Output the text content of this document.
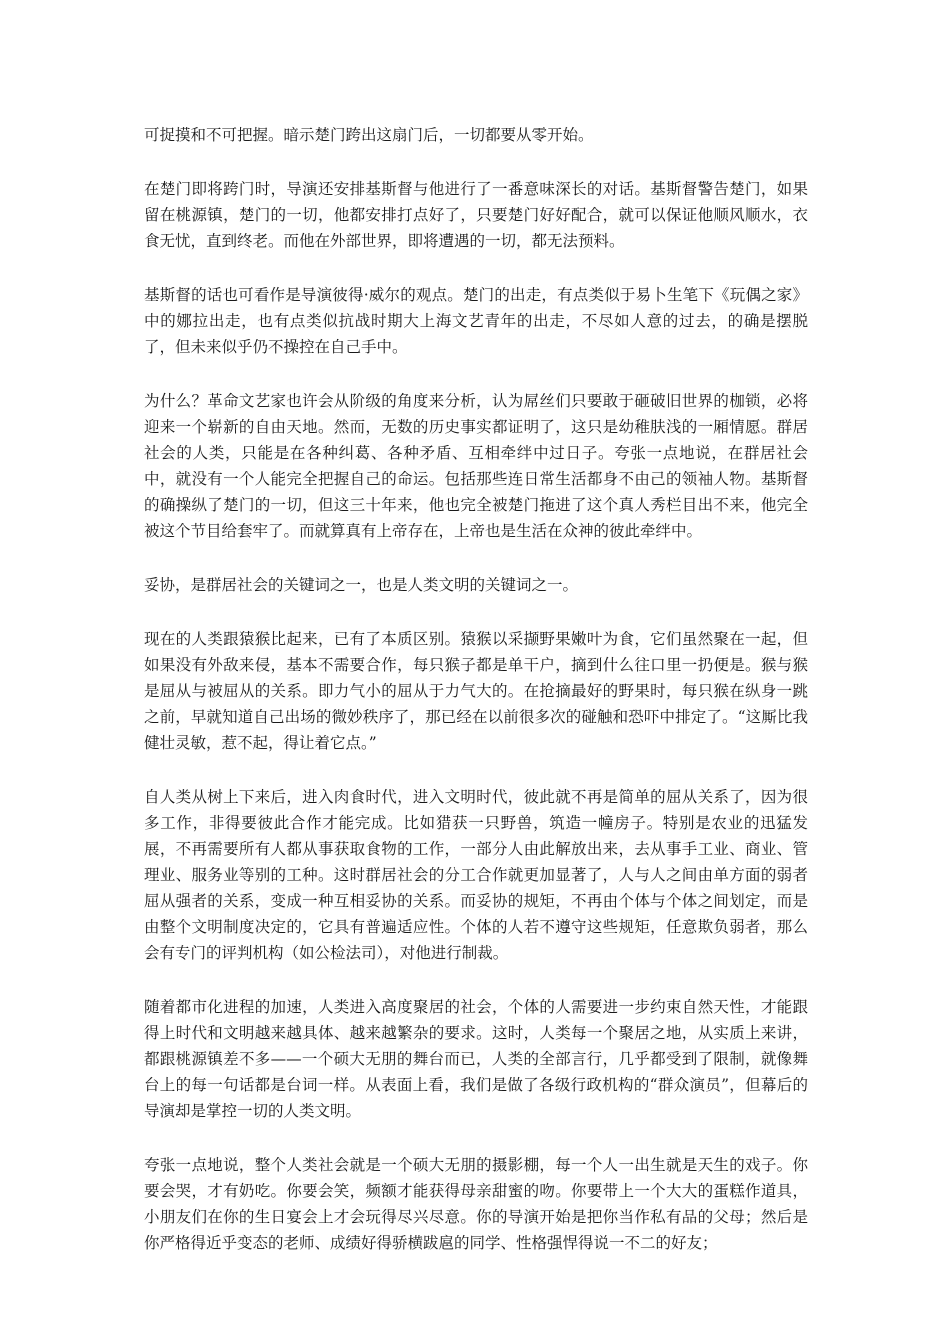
可捉摸和不可把握。暗示楚门跨出这扇门后，一切都要从零开始。

在楚门即将跨门时，导演还安排基斯督与他进行了一番意味深长的对话。基斯督警告楚门，如果留在桃源镇，楚门的一切，他都安排打点好了，只要楚门好好配合，就可以保证他顺风顺水，衣食无忧，直到终老。而他在外部世界，即将遭遇的一切，都无法预料。

基斯督的话也可看作是导演彼得·威尔的观点。楚门的出走，有点类似于易卜生笔下《玩偶之家》中的娜拉出走，也有点类似抗战时期大上海文艺青年的出走，不尽如人意的过去，的确是摆脱了，但未来似乎仍不操控在自己手中。

为什么？革命文艺家也许会从阶级的角度来分析，认为屌丝们只要敢于砸破旧世界的枷锁，必将迎来一个崭新的自由天地。然而，无数的历史事实都证明了，这只是幼稚肤浅的一厢情愿。群居社会的人类，只能是在各种纠葛、各种矛盾、互相牵绊中过日子。夸张一点地说，在群居社会中，就没有一个人能完全把握自己的命运。包括那些连日常生活都身不由己的领袖人物。基斯督的确操纵了楚门的一切，但这三十年来，他也完全被楚门拖进了这个真人秀栏目出不来，他完全被这个节目给套牢了。而就算真有上帝存在，上帝也是生活在众神的彼此牵绊中。

妥协，是群居社会的关键词之一，也是人类文明的关键词之一。

现在的人类跟猿猴比起来，已有了本质区别。猿猴以采撷野果嫩叶为食，它们虽然聚在一起，但如果没有外敌来侵，基本不需要合作，每只猴子都是单干户，摘到什么往口里一扔便是。猴与猴是屈从与被屈从的关系。即力气小的屈从于力气大的。在抢摘最好的野果时，每只猴在纵身一跳之前，早就知道自己出场的微妙秩序了，那已经在以前很多次的碰触和恐吓中排定了。“这厮比我健壮灵敏，惹不起，得让着它点。”

自人类从树上下来后，进入肉食时代，进入文明时代，彼此就不再是简单的屈从关系了，因为很多工作，非得要彼此合作才能完成。比如猎获一只野兽，筑造一幢房子。特别是农业的迅猛发展，不再需要所有人都从事获取食物的工作，一部分人由此解放出来，去从事手工业、商业、管理业、服务业等别的工种。这时群居社会的分工合作就更加显著了，人与人之间由单方面的弱者屈从强者的关系，变成一种互相妥协的关系。而妥协的规矩，不再由个体与个体之间划定，而是由整个文明制度决定的，它具有普遍适应性。个体的人若不遵守这些规矩，任意欺负弱者，那么会有专门的评判机构（如公检法司），对他进行制裁。

随着都市化进程的加速，人类进入高度聚居的社会，个体的人需要进一步约束自然天性，才能跟得上时代和文明越来越具体、越来越繁杂的要求。这时，人类每一个聚居之地，从实质上来讲，都跟桃源镇差不多——一个硕大无朋的舞台而已，人类的全部言行，几乎都受到了限制，就像舞台上的每一句话都是台词一样。从表面上看，我们是做了各级行政机构的“群众演员”，但幕后的导演却是掌控一切的人类文明。

夸张一点地说，整个人类社会就是一个硕大无朋的摄影棚，每一个人一出生就是天生的戏子。你要会哭，才有奶吃。你要会笑，频额才能获得母亲甜蜜的吻。你要带上一个大大的蛋糕作道具，小朋友们在你的生日宴会上才会玩得尽兴尽意。你的导演开始是把你当作私有品的父母；然后是你严格得近乎变态的老师、成绩好得骄横跋扈的同学、性格强悍得说一不二的好友；
